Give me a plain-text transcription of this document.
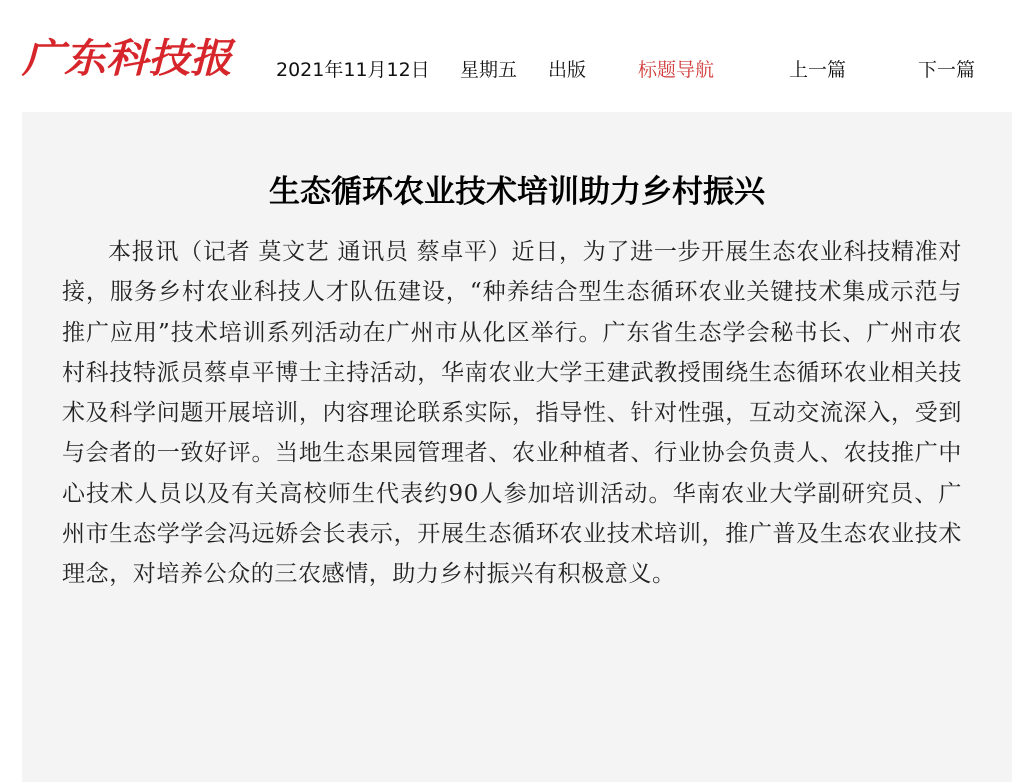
广东科技报 2021年11月12日 星期五 出版	标题导航	上一篇	下一篇
生态循环农业技术培训助力乡村振兴

本报讯（记者 莫文艺 通讯员 蔡卓平）近日，为了进一步开展生态农业科技精准对接，服务乡村农业科技人才队伍建设，“种养结合型生态循环农业关键技术集成示范与推广应用”技术培训系列活动在广州市从化区举行。广东省生态学会秘书长、广州市农村科技特派员蔡卓平博士主持活动，华南农业大学王建武教授围绕生态循环农业相关技术及科学问题开展培训，内容理论联系实际，指导性、针对性强，互动交流深入，受到与会者的一致好评。当地生态果园管理者、农业种植者、行业协会负责人、农技推广中心技术人员以及有关高校师生代表约90人参加培训活动。华南农业大学副研究员、广州市生态学学会冯远娇会长表示，开展生态循环农业技术培训，推广普及生态农业技术理念，对培养公众的三农感情，助力乡村振兴有积极意义。
